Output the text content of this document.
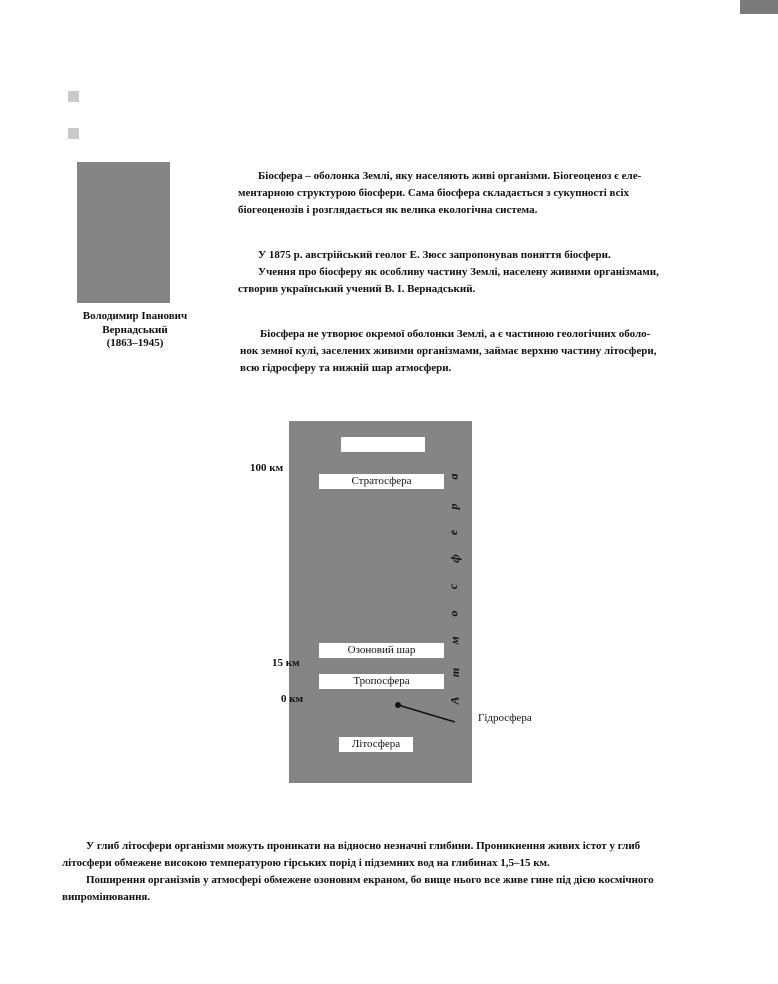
Володимир Іванович
Вернадський
(1863–1945)

Біосфера – оболонка Землі, яку населяють живі організми. Біогеоценоз є еле-
ментарною структурою біосфери. Сама біосфера складається з сукупності всіх
біогеоценозів і розглядається як велика екологічна система.

У 1875 р. австрійський геолог Е. Зюсс запропонував поняття біосфери.
Учення про біосферу як особливу частину Землі, населену живими організмами,
створив український учений В. І. Вернадський.

Біосфера не утворює окремої оболонки Землі, а є частиною геологічних оболо-
нок земної кулі, заселених живими організмами, займає верхню частину літосфери,
всю гідросферу та нижній шар атмосфери.

Стратосфера
Озоновий шар
Тропосфера
Літосфера
а
р
е
ф
с
о
м
т
А
100 км
15 км
0 км
Гідросфера

У глиб літосфери організми можуть проникати на відносно незначні глибини. Проникнення живих істот у глиб
літосфери обмежене високою температурою гірських порід і підземних вод на глибинах 1,5–15 км.
Поширення організмів у атмосфері обмежене озоновим екраном, бо вище нього все живе гине під дією космічного
випромінювання.
